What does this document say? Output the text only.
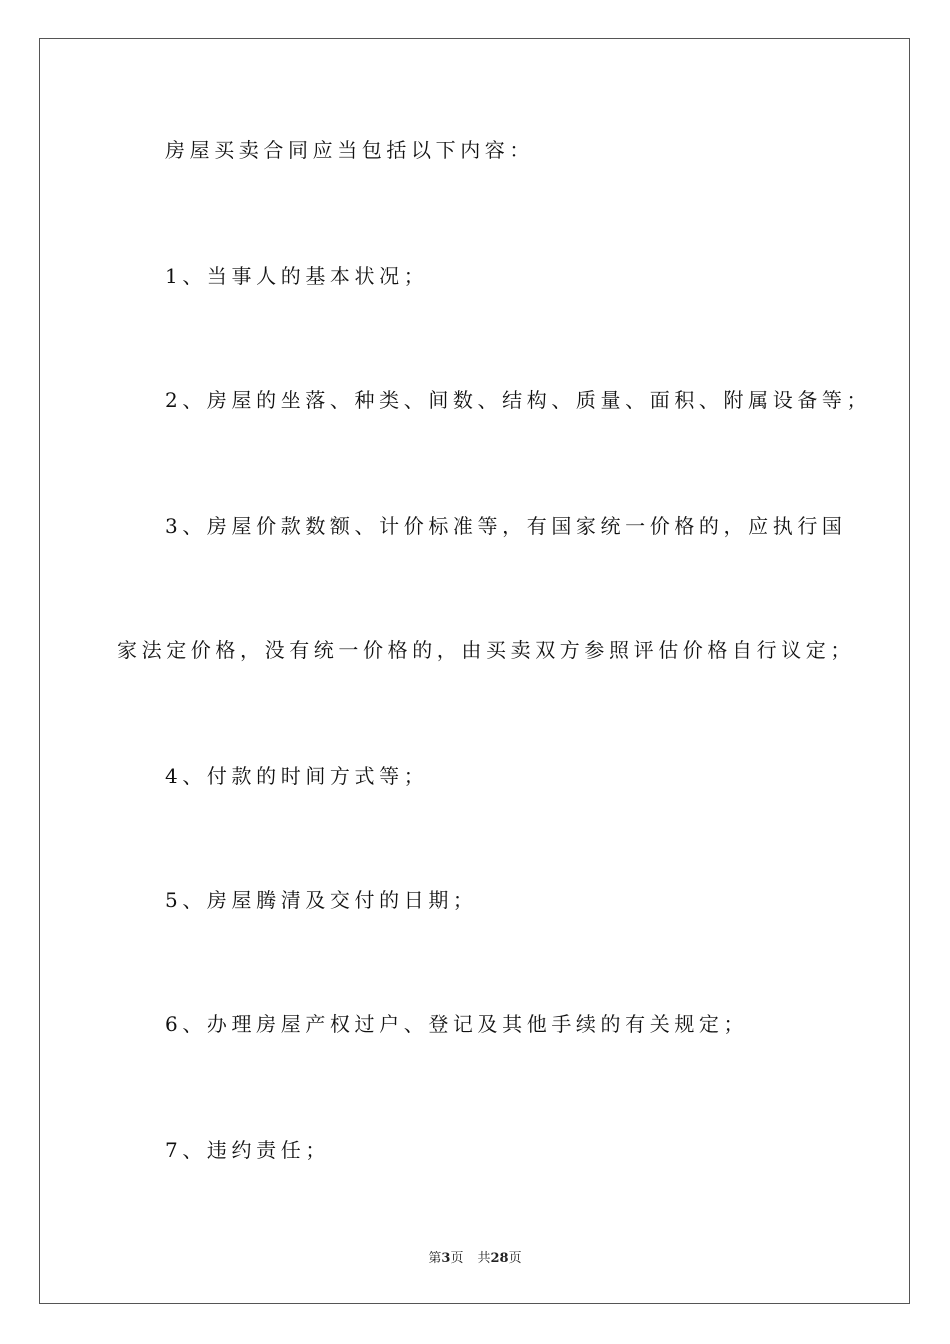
房屋买卖合同应当包括以下内容：

1、当事人的基本状况；

2、房屋的坐落、种类、间数、结构、质量、面积、附属设备等；

3、房屋价款数额、计价标准等，有国家统一价格的，应执行国

家法定价格，没有统一价格的，由买卖双方参照评估价格自行议定；

4、付款的时间方式等；

5、房屋腾清及交付的日期；

6、办理房屋产权过户、登记及其他手续的有关规定；

7、违约责任；

第3页 共28页
